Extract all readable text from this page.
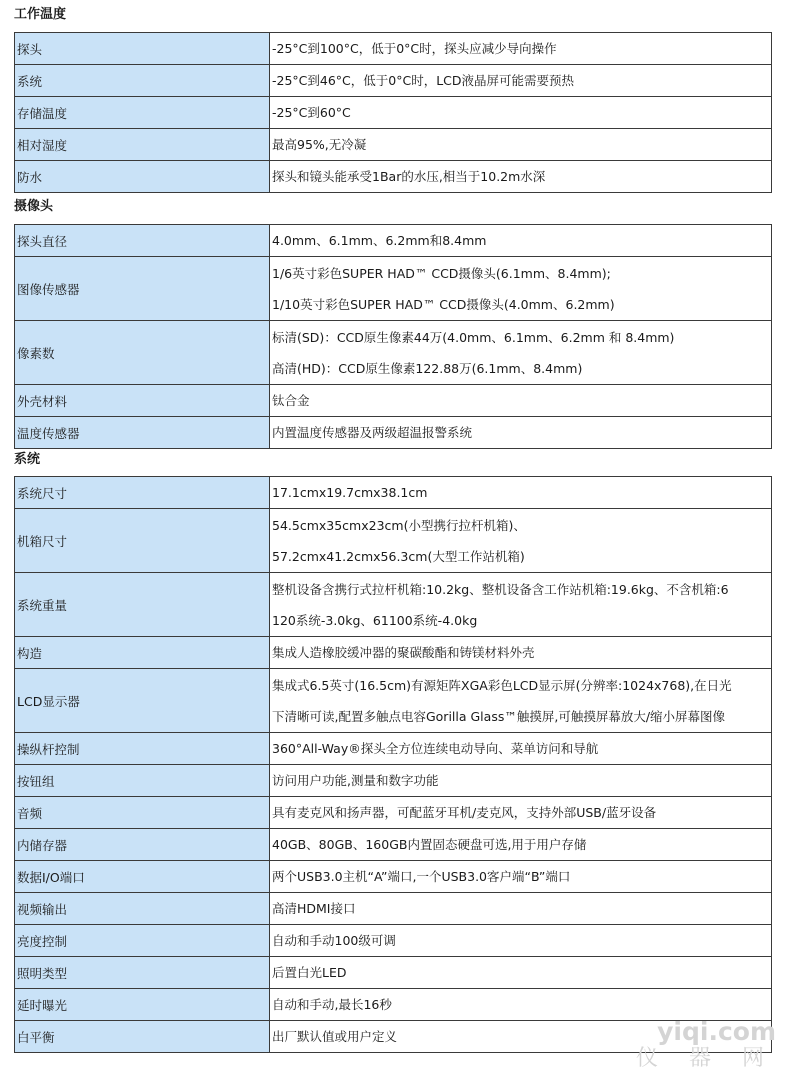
工作温度
探头	-25°C到100°C，低于0°C时，探头应减少导向操作

系统	-25°C到46°C，低于0°C时，LCD液晶屏可能需要预热

存储温度	-25°C到60°C

相对湿度	最高95%,无冷凝

防水	探头和镜头能承受1Bar的水压,相当于10.2m水深
摄像头
探头直径	4.0mm、6.1mm、6.2mm和8.4mm

图像传感器	1/6英寸彩色SUPER HAD™ CCD摄像头(6.1mm、8.4mm);
1/10英寸彩色SUPER HAD™ CCD摄像头(4.0mm、6.2mm)

像素数	标清(SD)：CCD原生像素44万(4.0mm、6.1mm、6.2mm 和 8.4mm)
高清(HD)：CCD原生像素122.88万(6.1mm、8.4mm)

外壳材料	钛合金

温度传感器	内置温度传感器及两级超温报警系统
系统
系统尺寸	17.1cmx19.7cmx38.1cm

机箱尺寸	54.5cmx35cmx23cm(小型携行拉杆机箱)、
57.2cmx41.2cmx56.3cm(大型工作站机箱)

系统重量	整机设备含携行式拉杆机箱:10.2kg、整机设备含工作站机箱:19.6kg、不含机箱:6
120系统-3.0kg、61100系统-4.0kg

构造	集成人造橡胶缓冲器的聚碳酸酯和铸镁材料外壳

LCD显示器	集成式6.5英寸(16.5cm)有源矩阵XGA彩色LCD显示屏(分辨率:1024x768),在日光
下清晰可读,配置多触点电容Gorilla Glass™触摸屏,可触摸屏幕放大/缩小屏幕图像

操纵杆控制	360°All-Way®探头全方位连续电动导向、菜单访问和导航

按钮组	访问用户功能,测量和数字功能

音频	具有麦克风和扬声器，可配蓝牙耳机/麦克风，支持外部USB/蓝牙设备

内储存器	40GB、80GB、160GB内置固态硬盘可选,用于用户存储

数据I/O端口	两个USB3.0主机“A”端口,一个USB3.0客户端“B”端口

视频输出	高清HDMI接口

亮度控制	自动和手动100级可调

照明类型	后置白光LED

延时曝光	自动和手动,最长16秒

白平衡	出厂默认值或用户定义	yiqi.com
仪 器 网
